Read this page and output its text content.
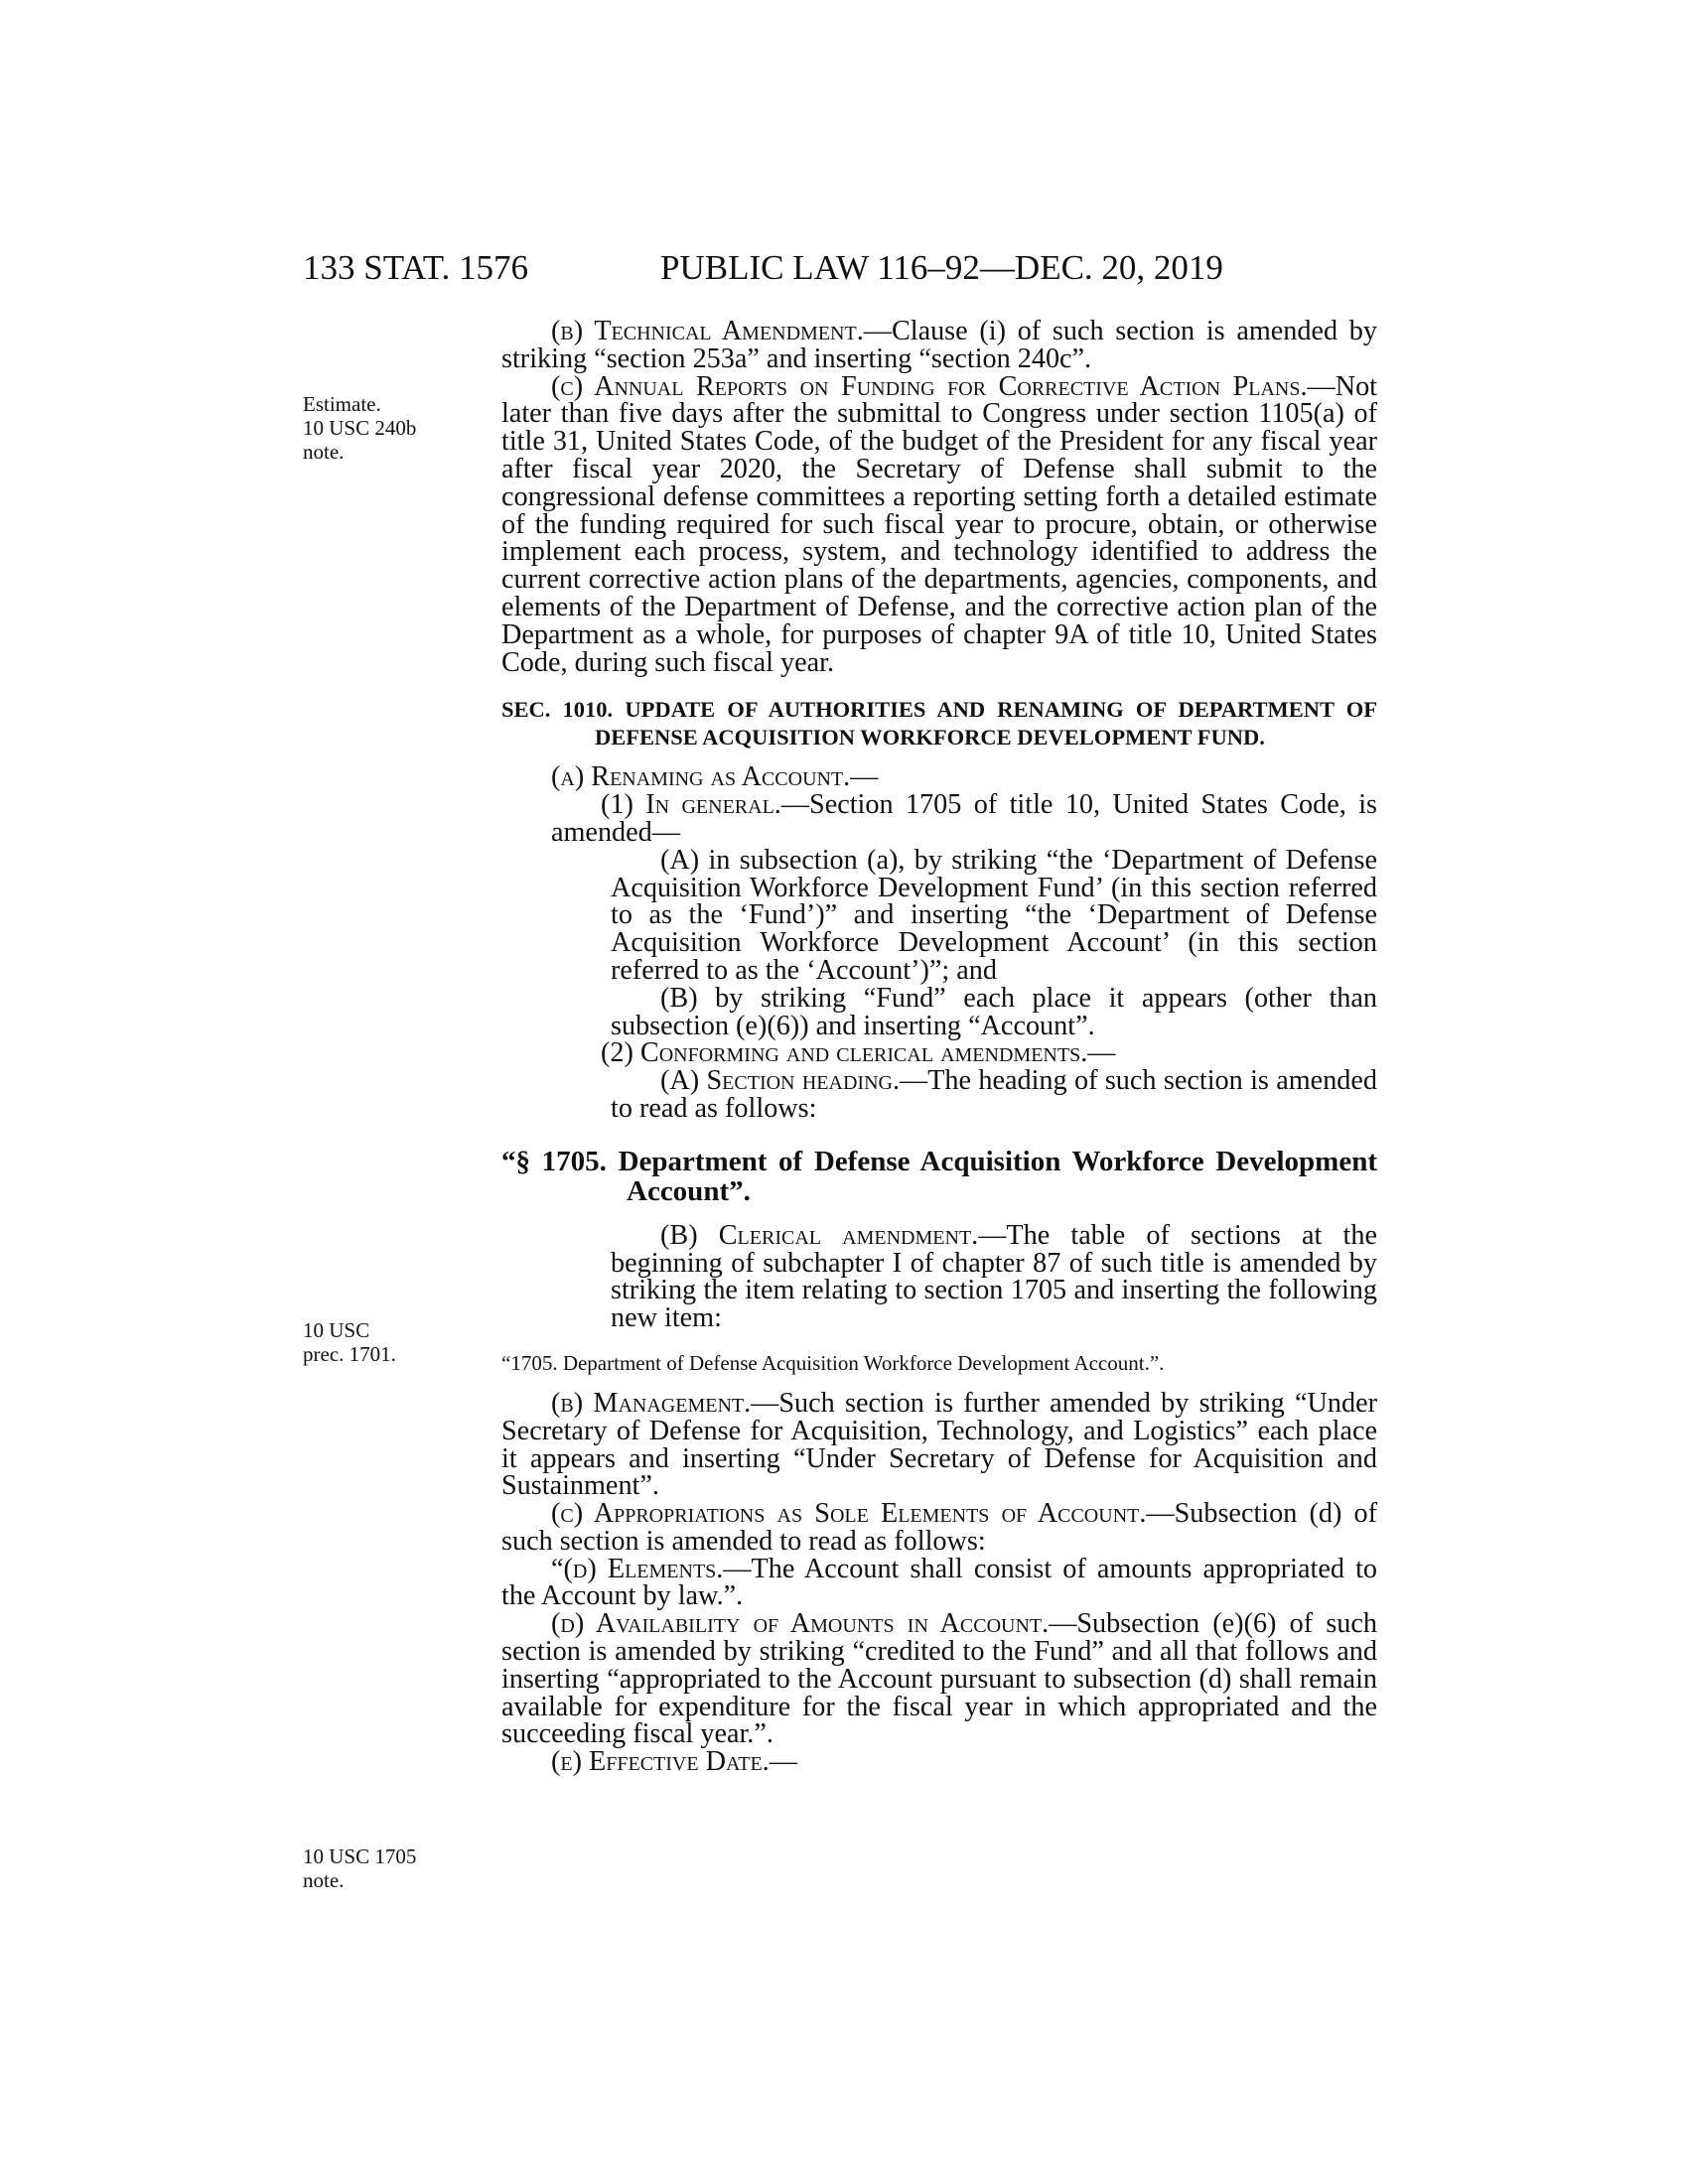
133 STAT. 1576	PUBLIC LAW 116–92—DEC. 20, 2019
Estimate.
10 USC 240b
note.
10 USC
prec. 1701.
10 USC 1705
note.

(b) Technical Amendment.—Clause (i) of such section is amended by striking “section 253a” and inserting “section 240c”.

(c) Annual Reports on Funding for Corrective Action Plans.—Not later than five days after the submittal to Congress under section 1105(a) of title 31, United States Code, of the budget of the President for any fiscal year after fiscal year 2020, the Secretary of Defense shall submit to the congressional defense committees a reporting setting forth a detailed estimate of the funding required for such fiscal year to procure, obtain, or otherwise implement each process, system, and technology identified to address the current corrective action plans of the departments, agencies, components, and elements of the Department of Defense, and the corrective action plan of the Department as a whole, for purposes of chapter 9A of title 10, United States Code, during such fiscal year.

SEC. 1010. UPDATE OF AUTHORITIES AND RENAMING OF DEPARTMENT OF DEFENSE ACQUISITION WORKFORCE DEVELOPMENT FUND.

(a) Renaming as Account.—

(1) In general.—Section 1705 of title 10, United States Code, is amended—

(A) in subsection (a), by striking “the ‘Department of Defense Acquisition Workforce Development Fund’ (in this section referred to as the ‘Fund’)” and inserting “the ‘Department of Defense Acquisition Workforce Development Account’ (in this section referred to as the ‘Account’)”; and

(B) by striking “Fund” each place it appears (other than subsection (e)(6)) and inserting “Account”.

(2) Conforming and clerical amendments.—

(A) Section heading.—The heading of such section is amended to read as follows:

“§ 1705. Department of Defense Acquisition Workforce Development Account”.

(B) Clerical amendment.—The table of sections at the beginning of subchapter I of chapter 87 of such title is amended by striking the item relating to section 1705 and inserting the following new item:

“1705. Department of Defense Acquisition Workforce Development Account.”.

(b) Management.—Such section is further amended by striking “Under Secretary of Defense for Acquisition, Technology, and Logistics” each place it appears and inserting “Under Secretary of Defense for Acquisition and Sustainment”.

(c) Appropriations as Sole Elements of Account.—Subsection (d) of such section is amended to read as follows:

“(d) Elements.—The Account shall consist of amounts appropriated to the Account by law.”.

(d) Availability of Amounts in Account.—Subsection (e)(6) of such section is amended by striking “credited to the Fund” and all that follows and inserting “appropriated to the Account pursuant to subsection (d) shall remain available for expenditure for the fiscal year in which appropriated and the succeeding fiscal year.”.

(e) Effective Date.—
